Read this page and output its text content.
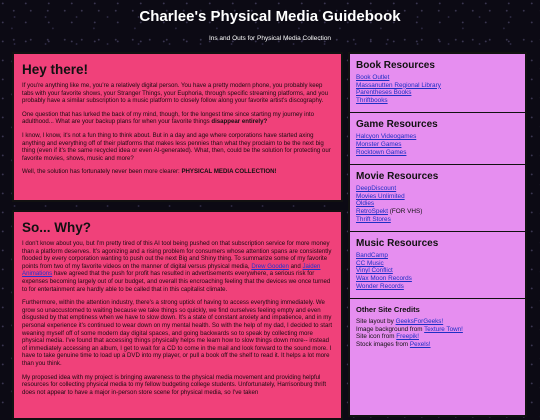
Charlee's Physical Media Guidebook
Ins and Outs for Physical Media Collection
Hey there!

If you're anything like me, you're a relatively digital person. You have a pretty modern phone, you probably keep tabs with your favorite shows, your Stranger Things, your Euphoria, through specific streaming platforms, and you probably have a similar subscription to a music platform to closely follow along your favorite artist's discography.

One question that has lurked the back of my mind, though, for the longest time since starting my journey into adulthood... What are your backup plans for when your favorite things disappear entirely?

I know, I know, it's not a fun thing to think about. But in a day and age where corporations have started axing anything and everything off of their platforms that makes less pennies than what they proclaim to be the next big thing (even if it's the same recycled idea or even AI-generated). What, then, could be the solution for protecting our favorite movies, shows, music and more?

Well, the solution has fortunately never been more clearer: PHYSICAL MEDIA COLLECTION!

So... Why?

I don't know about you, but I'm pretty tired of this AI tool being pushed on that subscription service for more money than a platform deserves. It's agonizing and a rising problem for consumers whose attention spans are consistently flooded by every corporation wanting to push out the next Big and Shiny thing. To summarize some of my favorite points from two of my favorite videos on the manner of digital versus physical media, Drew Gooden and Jaiden Animations have agreed that the push for profit has resulted in advertisements everywhere, a serious risk for expenses becoming largely out of our budget, and overall this encroaching feeling that the devices we once turned to for entertainment are hardly able to be called that in this capitalist climate.

Furthermore, within the attention industry, there's a strong uptick of having to access everything immediately. We grow so unaccustomed to waiting because we take things so quickly, we find ourselves feeling empty and even disgusted by that emptiness when we have to slow down. It's a state of constant anxiety and impatience, and in my personal experience it's continued to wear down on my mental health. So with the help of my dad, I decided to start weaning myself off of some modern day digital spaces, and going backwards so to speak by collecting more physical media. I've found that accessing things physically helps me learn how to slow things down more-- instead of immediately accessing an album, I get to wait for a CD to come in the mail and look forward to the sound more. I have to take genuine time to load up a DVD into my player, or pull a book off the shelf to read it. It helps a lot more than you think.

My proposed idea with my project is bringing awareness to the physical media movement and providing helpful resources for collecting physical media to my fellow budgeting college students. Unfortunately, Harrisonburg thrift does not appear to have a major in-person store scene for physical media, so I've taken

Book Resources
Book Outlet
Massanutten Regional Library
Parentheses Books
Thriftbooks
Game Resources
Halcyon Videogames
Monster Games
Rocktown Games
Movie Resources
DeepDiscount
Movies Unlimited
Oldies
RetroSpekt (FOR VHS)
Thrift Stores
Music Resources
BandCamp
CC Music
Vinyl Conflict
Wax Moon Records
Wonder Records
Other Site Credits

Site layout by GeeksForGeeks!

Image background from Texture Town!

Site icon from Freepik!

Stock images from Pexels!
